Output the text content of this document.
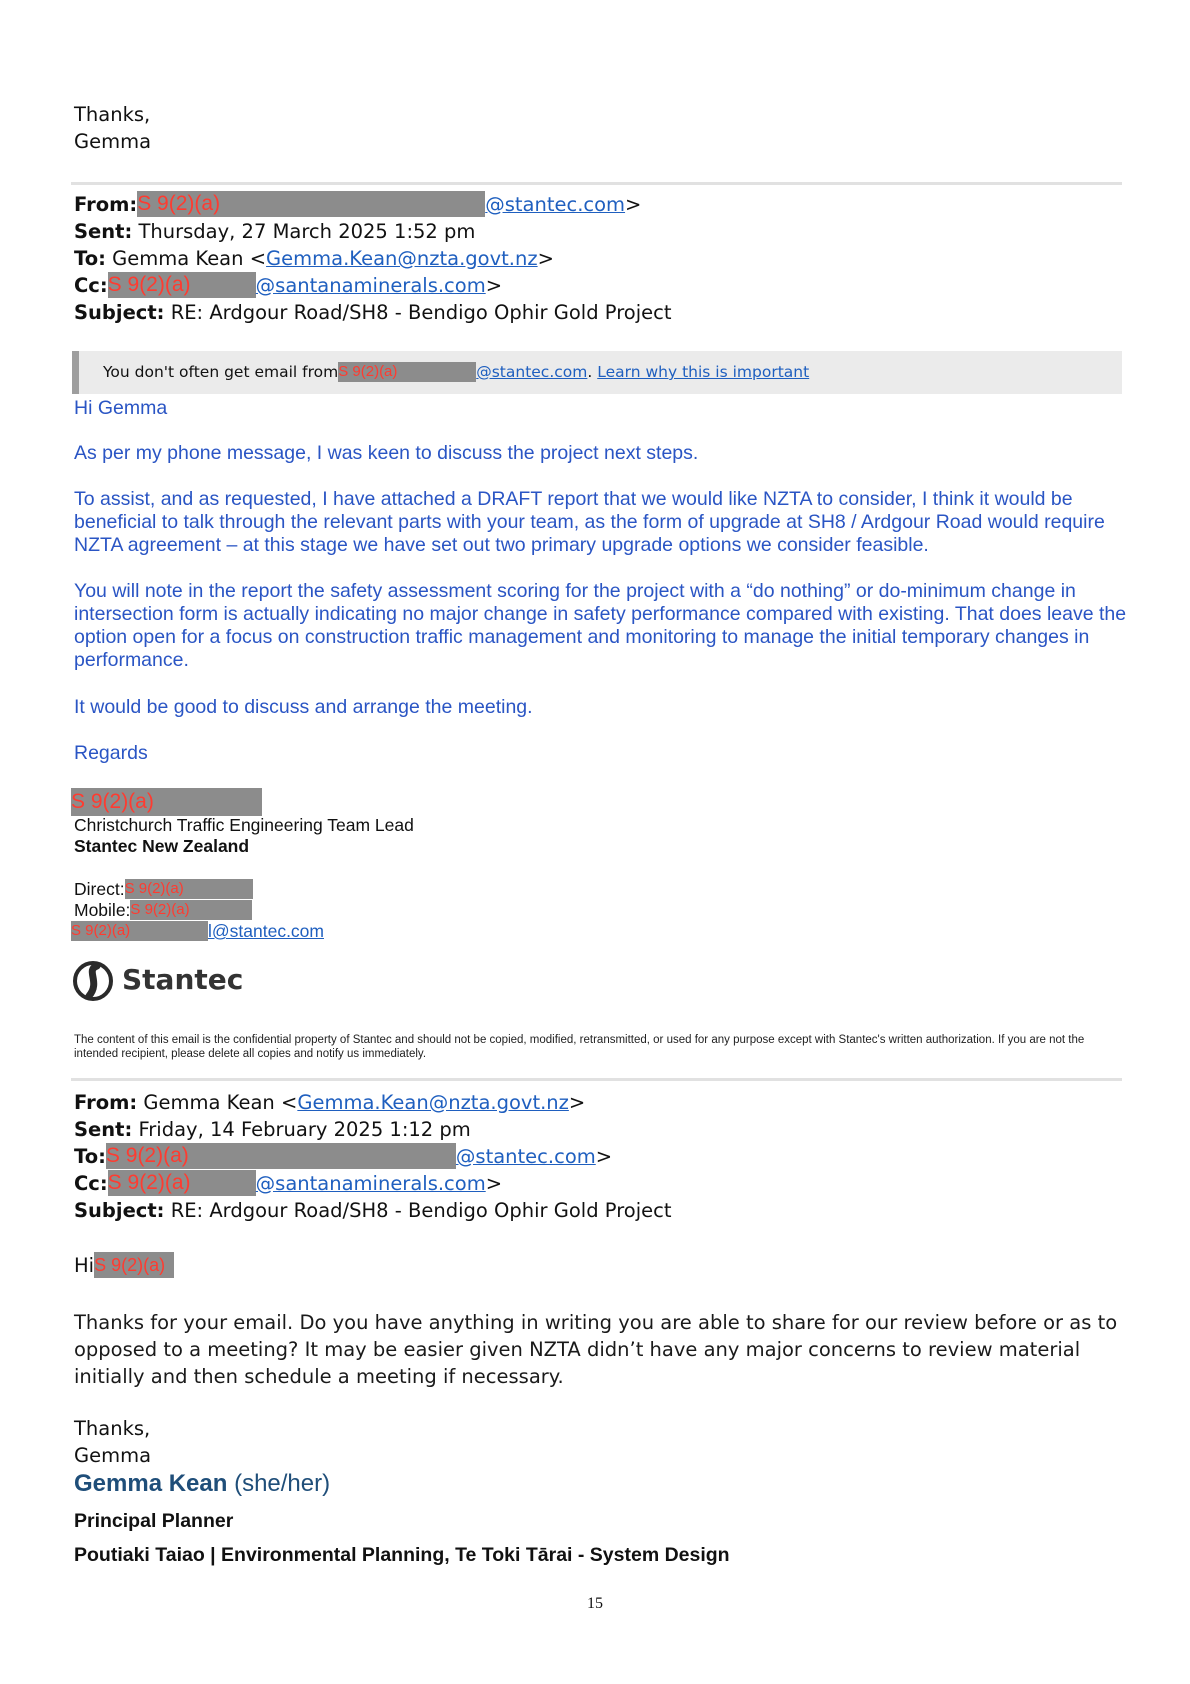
Thanks,
Gemma
From:S 9(2)(a)	@stantec.com>
Sent: Thursday, 27 March 2025 1:52 pm
To: Gemma Kean <Gemma.Kean@nzta.govt.nz>
Cc:S 9(2)(a)	@santanaminerals.com>
Subject: RE: Ardgour Road/SH8 - Bendigo Ophir Gold Project
You don't often get email fromS 9(2)(a)	@stantec.com. Learn why this is important
Hi Gemma
As per my phone message, I was keen to discuss the project next steps.
To assist, and as requested, I have attached a DRAFT report that we would like NZTA to consider, I think it would be beneficial to talk through the relevant parts with your team, as the form of upgrade at SH8 / Ardgour Road would require NZTA agreement – at this stage we have set out two primary upgrade options we consider feasible.
You will note in the report the safety assessment scoring for the project with a “do nothing” or do-minimum change in intersection form is actually indicating no major change in safety performance compared with existing. That does leave the option open for a focus on construction traffic management and monitoring to manage the initial temporary changes in performance.
It would be good to discuss and arrange the meeting.
Regards
S 9(2)(a)
Christchurch Traffic Engineering Team Lead
Stantec New Zealand
Direct:S 9(2)(a)
Mobile:S 9(2)(a)
S 9(2)(a)	l@stantec.com
Stantec
The content of this email is the confidential property of Stantec and should not be copied, modified, retransmitted, or used for any purpose except with Stantec's written authorization. If you are not the intended recipient, please delete all copies and notify us immediately.
From: Gemma Kean <Gemma.Kean@nzta.govt.nz>
Sent: Friday, 14 February 2025 1:12 pm
To:S 9(2)(a)	@stantec.com>
Cc:S 9(2)(a)	@santanaminerals.com>
Subject: RE: Ardgour Road/SH8 - Bendigo Ophir Gold Project
HiS 9(2)(a)
Thanks for your email. Do you have anything in writing you are able to share for our review before or as to opposed to a meeting? It may be easier given NZTA didn’t have any major concerns to review material initially and then schedule a meeting if necessary.
Thanks,
Gemma
Gemma Kean (she/her)
Principal Planner
Poutiaki Taiao | Environmental Planning, Te Toki Tārai - System Design
15
